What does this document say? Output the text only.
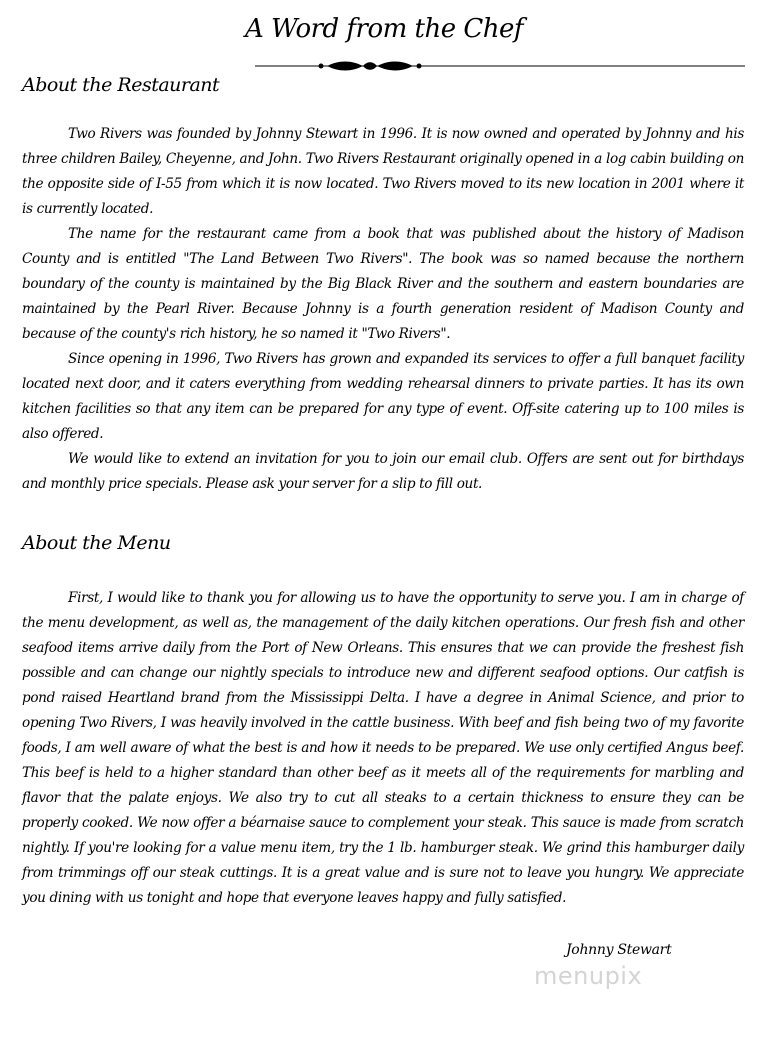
A Word from the Chef
About the Restaurant

Two Rivers was founded by Johnny Stewart in 1996. It is now owned and operated by Johnny and his three children Bailey, Cheyenne, and John. Two Rivers Restaurant originally opened in a log cabin building on the opposite side of I-55 from which it is now located. Two Rivers moved to its new location in 2001 where it is currently located.

The name for the restaurant came from a book that was published about the history of Madison County and is entitled "The Land Between Two Rivers". The book was so named because the northern boundary of the county is maintained by the Big Black River and the southern and eastern boundaries are maintained by the Pearl River. Because Johnny is a fourth generation resident of Madison County and because of the county's rich history, he so named it "Two Rivers".

Since opening in 1996, Two Rivers has grown and expanded its services to offer a full banquet facility located next door, and it caters everything from wedding rehearsal dinners to private parties. It has its own kitchen facilities so that any item can be prepared for any type of event. Off-site catering up to 100 miles is also offered.

We would like to extend an invitation for you to join our email club. Offers are sent out for birthdays and monthly price specials. Please ask your server for a slip to fill out.

About the Menu

First, I would like to thank you for allowing us to have the opportunity to serve you. I am in charge of the menu development, as well as, the management of the daily kitchen operations. Our fresh fish and other seafood items arrive daily from the Port of New Orleans. This ensures that we can provide the freshest fish possible and can change our nightly specials to introduce new and different seafood options. Our catfish is pond raised Heartland brand from the Mississippi Delta. I have a degree in Animal Science, and prior to opening Two Rivers, I was heavily involved in the cattle business. With beef and fish being two of my favorite foods, I am well aware of what the best is and how it needs to be prepared. We use only certified Angus beef. This beef is held to a higher standard than other beef as it meets all of the requirements for marbling and flavor that the palate enjoys. We also try to cut all steaks to a certain thickness to ensure they can be properly cooked. We now offer a béarnaise sauce to complement your steak. This sauce is made from scratch nightly. If you're looking for a value menu item, try the 1 lb. hamburger steak. We grind this hamburger daily from trimmings off our steak cuttings. It is a great value and is sure not to leave you hungry. We appreciate you dining with us tonight and hope that everyone leaves happy and fully satisfied.

Johnny Stewart
menupix
